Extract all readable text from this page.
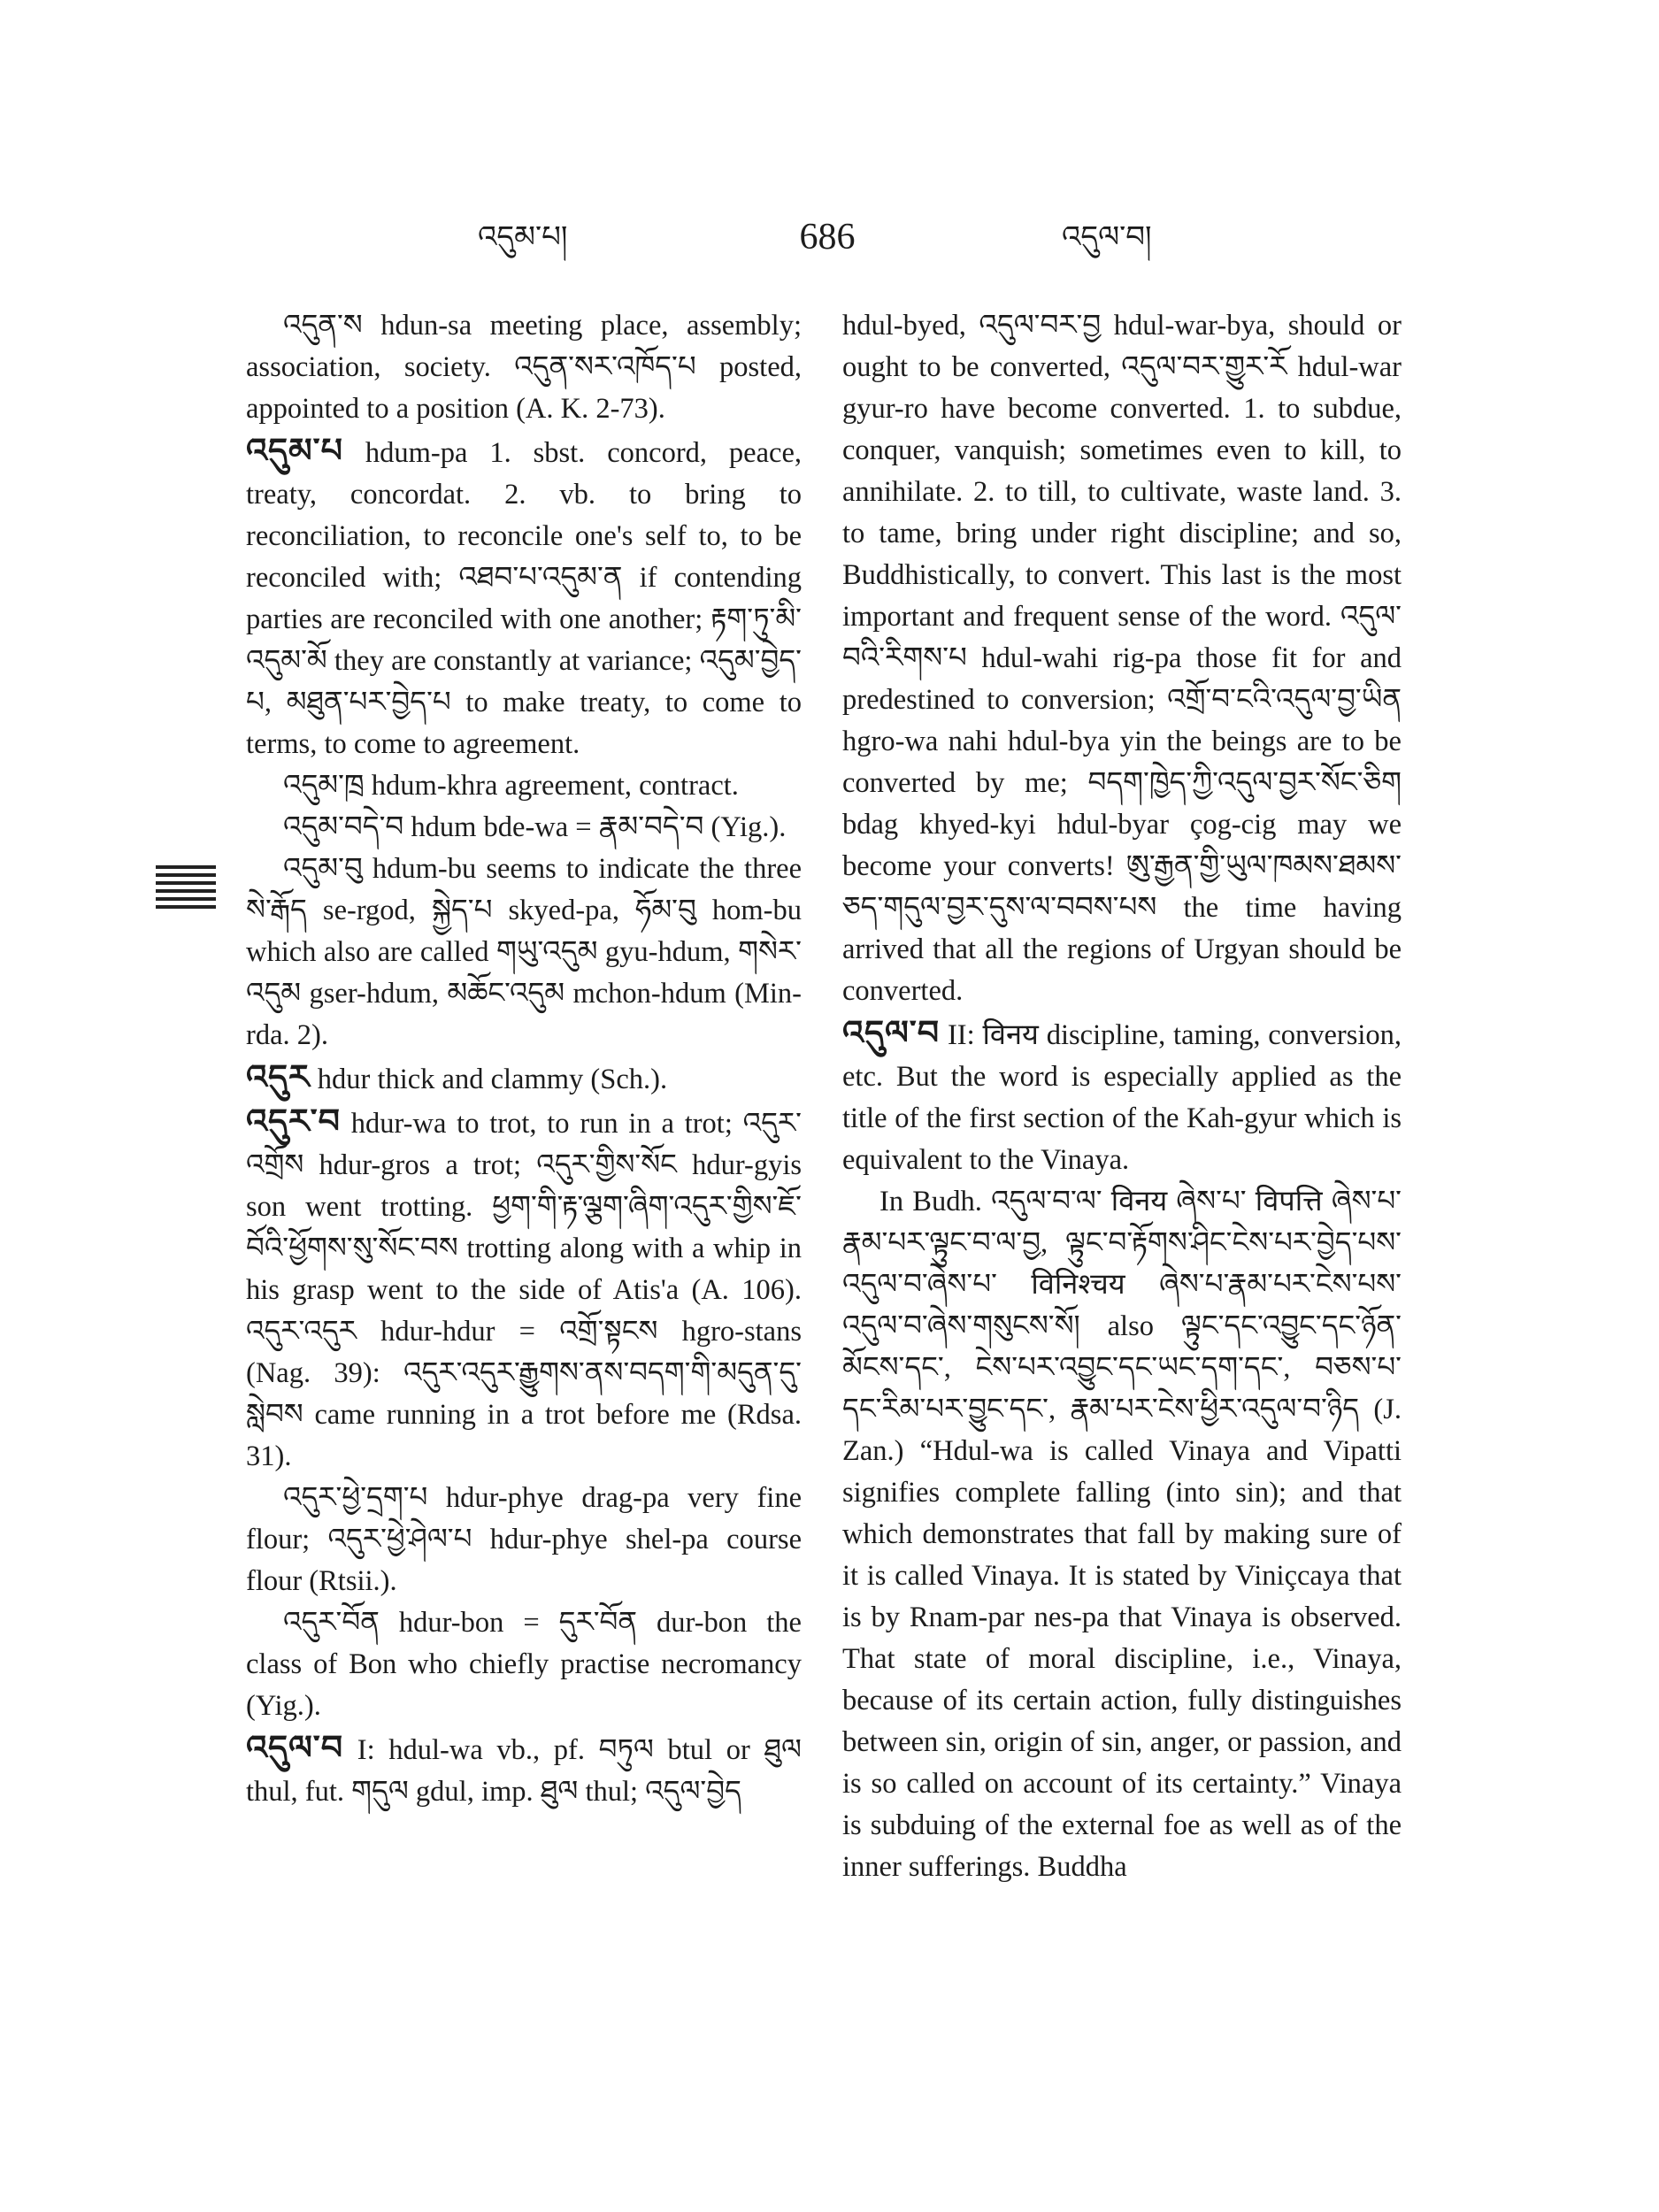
འདུམ་པ།	686	འདུལ་བ།

འདུན་ས hdun-sa meeting place, assembly; association, society. འདུན་སར་འཁོད་པ posted, appointed to a position (A. K. 2-73).

འདུམ་པ hdum-pa 1. sbst. concord, peace, treaty, concordat. 2. vb. to bring to reconciliation, to reconcile one's self to, to be reconciled with; འཐབ་པ་འདུམ་ན if contending parties are reconciled with one another; རྟག་ཏུ་མི་འདུམ་མོ they are constantly at variance; འདུམ་བྱེད་པ, མཐུན་པར་བྱེད་པ to make treaty, to come to terms, to come to agreement.

འདུམ་ཁྲ hdum-khra agreement, contract.

འདུམ་བདེ་བ hdum bde-wa = རྣམ་བདེ་བ (Yig.).

འདུམ་བུ hdum-bu seems to indicate the three སེ་རྒོད se-rgod, སྐྱེད་པ skyed-pa, ཧོམ་བུ hom-bu which also are called གཡུ་འདུམ gyu-hdum, གསེར་འདུམ gser-hdum, མཆོང་འདུམ mchon-hdum (Min-rda. 2).

འདུར hdur thick and clammy (Sch.).

འདུར་བ hdur-wa to trot, to run in a trot; འདུར་འགྲོས hdur-gros a trot; འདུར་གྱིས་སོང hdur-gyis son went trotting. ཕྱག་གི་རྟ་ལྕག་ཞིག་འདུར་གྱིས་ཇོ་བོའི་ཕྱོགས་སུ་སོང་བས trotting along with a whip in his grasp went to the side of Atis'a (A. 106). འདུར་འདུར hdur-hdur = འགྲོ་སྟངས hgro-stans (Nag. 39): འདུར་འདུར་རྒྱུགས་ནས་བདག་གི་མདུན་དུ་སླེབས came running in a trot before me (Rdsa. 31).

འདུར་ཕྱེ་དྲག་པ hdur-phye drag-pa very fine flour; འདུར་ཕྱེ་ཤེལ་པ hdur-phye shel-pa course flour (Rtsii.).

འདུར་བོན hdur-bon = དུར་བོན dur-bon the class of Bon who chiefly practise necromancy (Yig.).

འདུལ་བ I: hdul-wa vb., pf. བཏུལ btul or ཐུལ thul, fut. གདུལ gdul, imp. ཐུལ thul; འདུལ་བྱེད

hdul-byed, འདུལ་བར་བྱ hdul-war-bya, should or ought to be converted, འདུལ་བར་གྱུར་རོ hdul-war gyur-ro have become converted. 1. to subdue, conquer, vanquish; sometimes even to kill, to annihilate. 2. to till, to cultivate, waste land. 3. to tame, bring under right discipline; and so, Buddhistically, to convert. This last is the most important and frequent sense of the word. འདུལ་བའི་རིགས་པ hdul-wahi rig-pa those fit for and predestined to conversion; འགྲོ་བ་ངའི་འདུལ་བྱ་ཡིན hgro-wa nahi hdul-bya yin the beings are to be converted by me; བདག་ཁྱེད་ཀྱི་འདུལ་བྱར་སོང་ཅིག bdag khyed-kyi hdul-byar çog-cig may we become your converts! ཨུ་རྒྱན་གྱི་ཡུལ་ཁམས་ཐམས་ཅད་གདུལ་བྱར་དུས་ལ་བབས་པས the time having arrived that all the regions of Urgyan should be converted.

འདུལ་བ II: विनय discipline, taming, conversion, etc. But the word is especially applied as the title of the first section of the Kah-gyur which is equivalent to the Vinaya.

In Budh. འདུལ་བ་ལ་ विनय ཞེས་པ་ विपत्ति ཞེས་པ་ རྣམ་པར་ལྟུང་བ་ལ་བྱ, ལྟུང་བ་རྟོགས་ཤིང་ངེས་པར་བྱེད་པས་འདུལ་བ་ཞེས་པ་ विनिश्चय ཞེས་པ་རྣམ་པར་ངེས་པས་འདུལ་བ་ཞེས་གསུངས་སོ། also ལྟུང་དང་འབྱུང་དང་ཉོན་མོངས་དང་, ངེས་པར་འབྱུང་དང་ཡང་དག་དང་, བཅས་པ་དང་རིམ་པར་བྱུང་དང་, རྣམ་པར་ངེས་ཕྱིར་འདུལ་བ་ཉིད (J. Zan.) “Hdul-wa is called Vinaya and Vipatti signifies complete falling (into sin); and that which demonstrates that fall by making sure of it is called Vinaya. It is stated by Viniçcaya that is by Rnam-par nes-pa that Vinaya is observed. That state of moral discipline, i.e., Vinaya, because of its certain action, fully distinguishes between sin, origin of sin, anger, or passion, and is so called on account of its certainty.” Vinaya is subduing of the external foe as well as of the inner sufferings. Buddha
